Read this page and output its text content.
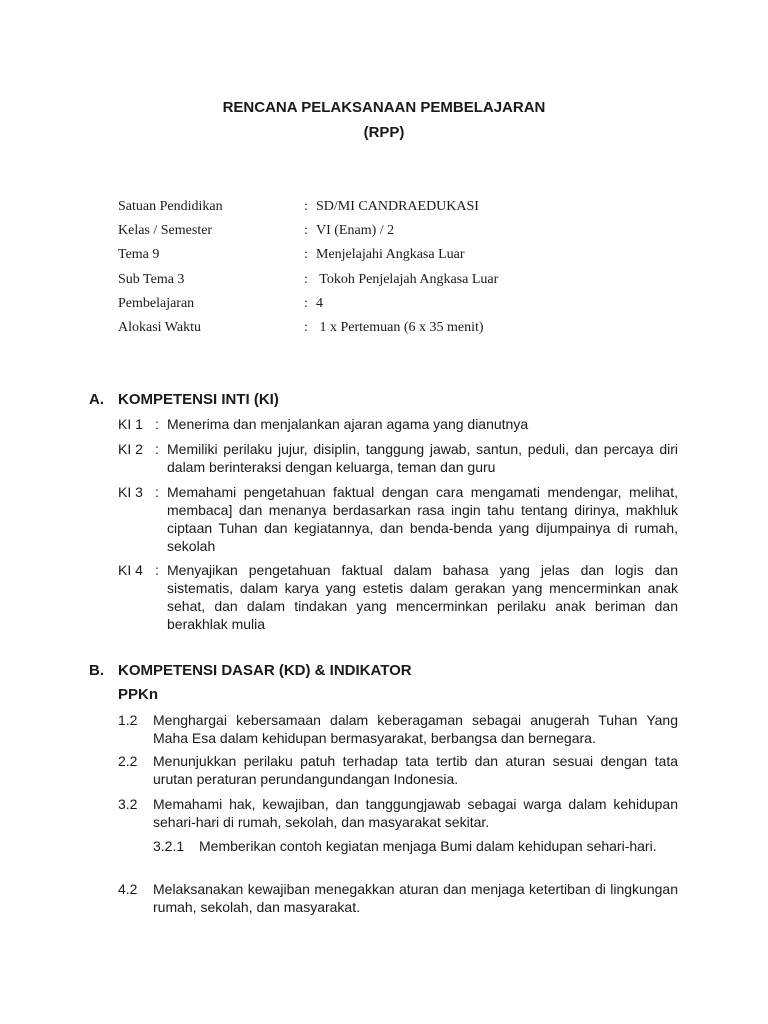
RENCANA PELAKSANAAN PEMBELAJARAN
(RPP)
Satuan Pendidikan	: SD/MI CANDRAEDUKASI
Kelas / Semester	: VI (Enam) / 2
Tema 9	: Menjelajahi Angkasa Luar
Sub Tema 3	: Tokoh Penjelajah Angkasa Luar
Pembelajaran	: 4
Alokasi Waktu	: 1 x Pertemuan (6 x 35 menit)
A. KOMPETENSI INTI (KI)
KI 1 : Menerima dan menjalankan ajaran agama yang dianutnya
KI 2 : Memiliki perilaku jujur, disiplin, tanggung jawab, santun, peduli, dan percaya diri dalam berinteraksi dengan keluarga, teman dan guru
KI 3 : Memahami pengetahuan faktual dengan cara mengamati mendengar, melihat, membaca] dan menanya berdasarkan rasa ingin tahu tentang dirinya, makhluk ciptaan Tuhan dan kegiatannya, dan benda-benda yang dijumpainya di rumah, sekolah
KI 4 : Menyajikan pengetahuan faktual dalam bahasa yang jelas dan logis dan sistematis, dalam karya yang estetis dalam gerakan yang mencerminkan anak sehat, dan dalam tindakan yang mencerminkan perilaku anak beriman dan berakhlak mulia
B. KOMPETENSI DASAR (KD) & INDIKATOR
PPKn
1.2	Menghargai kebersamaan dalam keberagaman sebagai anugerah Tuhan Yang Maha Esa dalam kehidupan bermasyarakat, berbangsa dan bernegara.
2.2	Menunjukkan perilaku patuh terhadap tata tertib dan aturan sesuai dengan tata urutan peraturan perundangundangan Indonesia.
3.2	Memahami hak, kewajiban, dan tanggungjawab sebagai warga dalam kehidupan sehari-hari di rumah, sekolah, dan masyarakat sekitar.
3.2.1	Memberikan contoh kegiatan menjaga Bumi dalam kehidupan sehari-hari.
4.2	Melaksanakan kewajiban menegakkan aturan dan menjaga ketertiban di lingkungan rumah, sekolah, dan masyarakat.
